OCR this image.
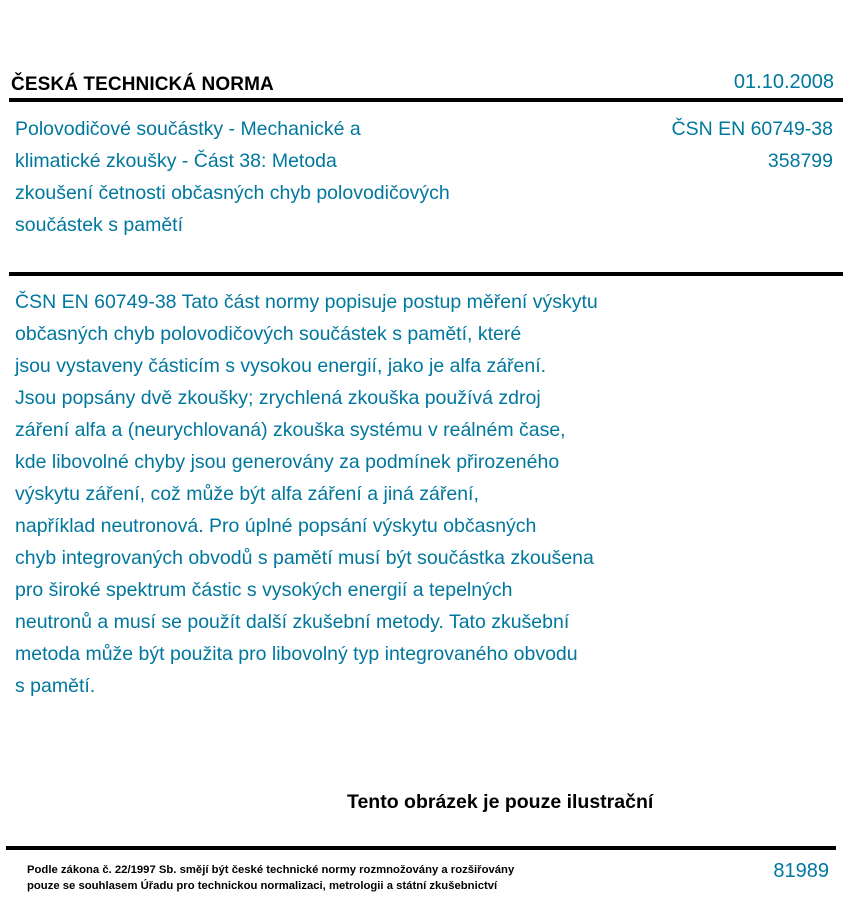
ČESKÁ TECHNICKÁ NORMA	01.10.2008
Polovodičové součástky - Mechanické a
klimatické zkoušky - Část 38: Metoda
zkoušení četnosti občasných chyb polovodičových
součástek s pamětí
ČSN EN 60749-38
358799
ČSN EN 60749-38 Tato část normy popisuje postup měření výskytu
občasných chyb polovodičových součástek s pamětí, které
jsou vystaveny částicím s vysokou energií, jako je alfa záření.
Jsou popsány dvě zkoušky; zrychlená zkouška používá zdroj
záření alfa a (neurychlovaná) zkouška systému v reálném čase,
kde libovolné chyby jsou generovány za podmínek přirozeného
výskytu záření, což může být alfa záření a jiná záření,
například neutronová. Pro úplné popsání výskytu občasných
chyb integrovaných obvodů s pamětí musí být součástka zkoušena
pro široké spektrum částic s vysokých energií a tepelných
neutronů a musí se použít další zkušební metody. Tato zkušební
metoda může být použita pro libovolný typ integrovaného obvodu
s pamětí.
Tento obrázek je pouze ilustrační
Podle zákona č. 22/1997 Sb. smějí být české technické normy rozmnožovány a rozšiřovány
pouze se souhlasem Úřadu pro technickou normalizaci, metrologii a státní zkušebnictví
81989
